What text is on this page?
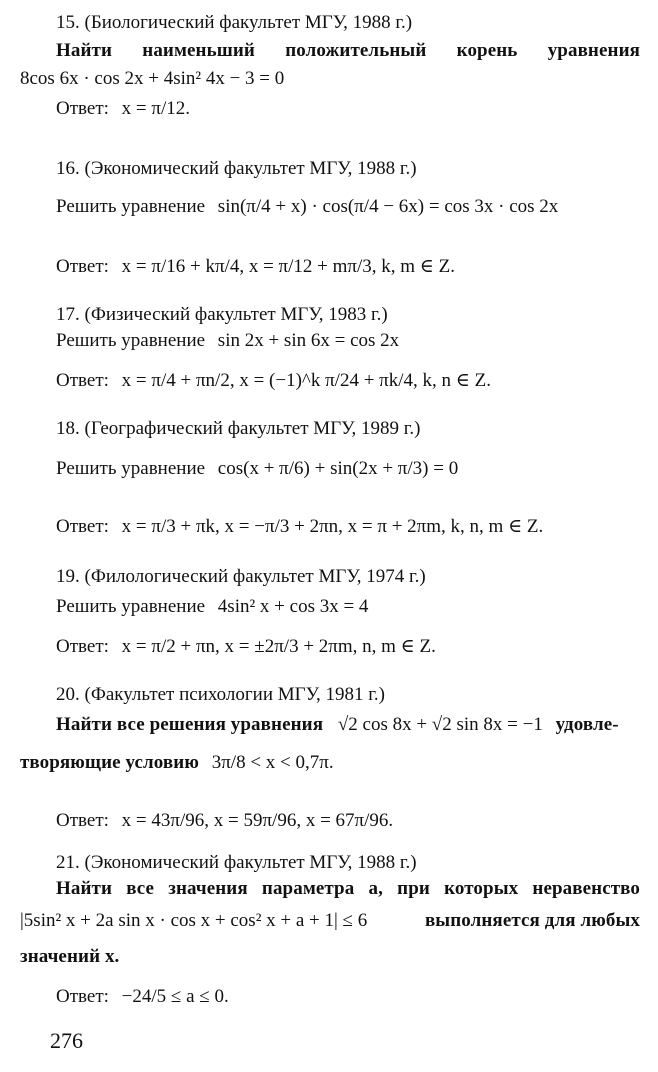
15. (Биологический факультет МГУ, 1988 г.)
Найти наименьший положительный корень уравнения
8cos 6x · cos 2x + 4sin² 4x − 3 = 0
Ответ: x = π/12.
16. (Экономический факультет МГУ, 1988 г.)
Решить уравнение sin(π/4 + x) · cos(π/4 − 6x) = cos 3x · cos 2x
Ответ: x = π/16 + kπ/4, x = π/12 + mπ/3, k, m ∈ Z.
17. (Физический факультет МГУ, 1983 г.)
Решить уравнение sin 2x + sin 6x = cos 2x
Ответ: x = π/4 + πn/2, x = (−1)^k π/24 + πk/4, k, n ∈ Z.
18. (Географический факультет МГУ, 1989 г.)
Решить уравнение cos(x + π/6) + sin(2x + π/3) = 0
Ответ: x = π/3 + πk, x = −π/3 + 2πn, x = π + 2πm, k, n, m ∈ Z.
19. (Филологический факультет МГУ, 1974 г.)
Решить уравнение 4sin² x + cos 3x = 4
Ответ: x = π/2 + πn, x = ±2π/3 + 2πm, n, m ∈ Z.
20. (Факультет психологии МГУ, 1981 г.)
Найти все решения уравнения √2 cos 8x + √2 sin 8x = −1 удовле-
творяющие условию 3π/8 < x < 0,7π.
Ответ: x = 43π/96, x = 59π/96, x = 67π/96.
21. (Экономический факультет МГУ, 1988 г.)
Найти все значения параметра a, при которых неравенство
|5sin² x + 2a sin x · cos x + cos² x + a + 1| ≤ 6	выполняется для любых
значений x.
Ответ: −24/5 ≤ a ≤ 0.
276
